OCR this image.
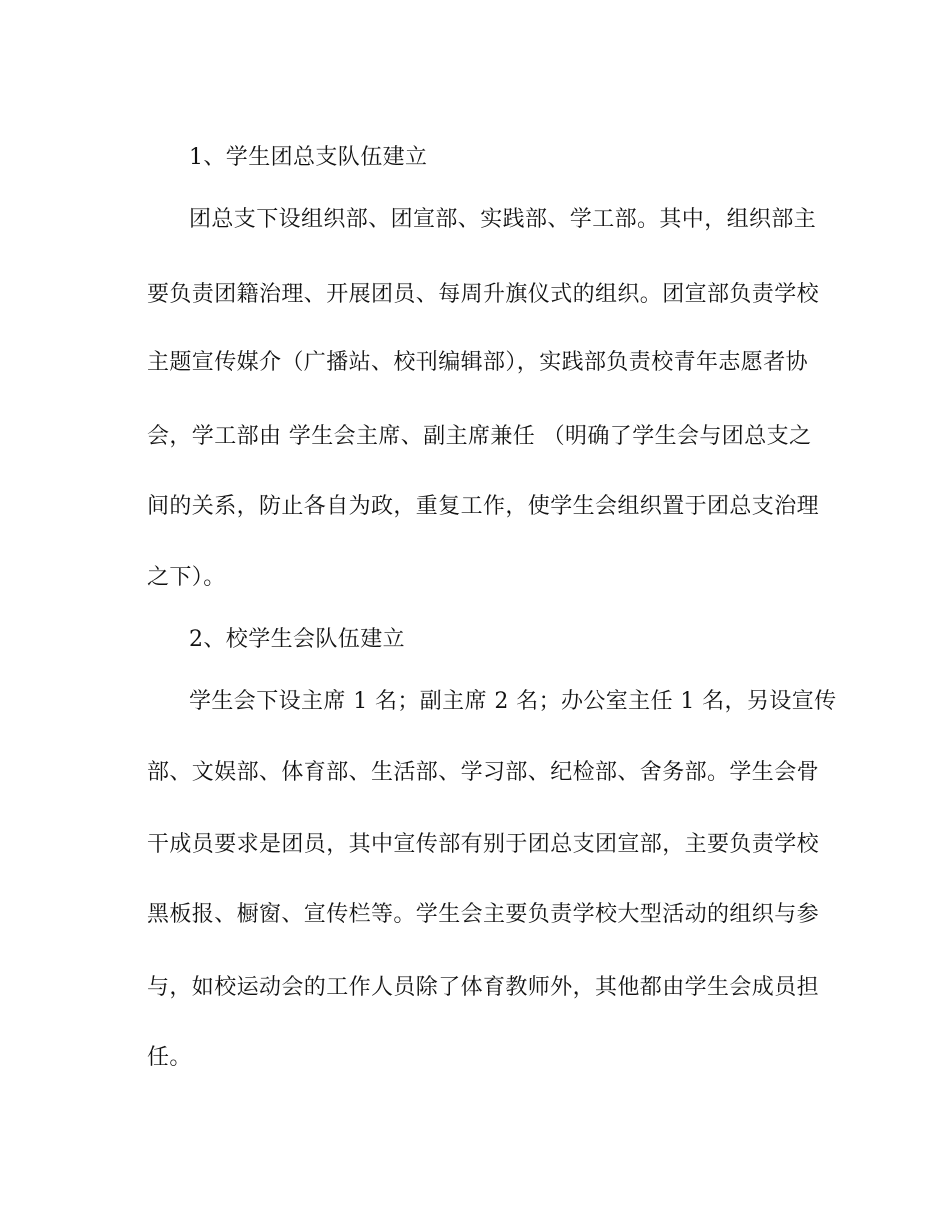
1、学生团总支队伍建立
团总支下设组织部、团宣部、实践部、学工部。其中，组织部主
要负责团籍治理、开展团员、每周升旗仪式的组织。团宣部负责学校
主题宣传媒介（广播站、校刊编辑部），实践部负责校青年志愿者协
会，学工部由 学生会主席、副主席兼任 （明确了学生会与团总支之
间的关系，防止各自为政，重复工作，使学生会组织置于团总支治理
之下）。
2、校学生会队伍建立
学生会下设主席 1 名；副主席 2 名；办公室主任 1 名，另设宣传
部、文娱部、体育部、生活部、学习部、纪检部、舍务部。学生会骨
干成员要求是团员，其中宣传部有别于团总支团宣部，主要负责学校
黑板报、橱窗、宣传栏等。学生会主要负责学校大型活动的组织与参
与，如校运动会的工作人员除了体育教师外，其他都由学生会成员担
任。
